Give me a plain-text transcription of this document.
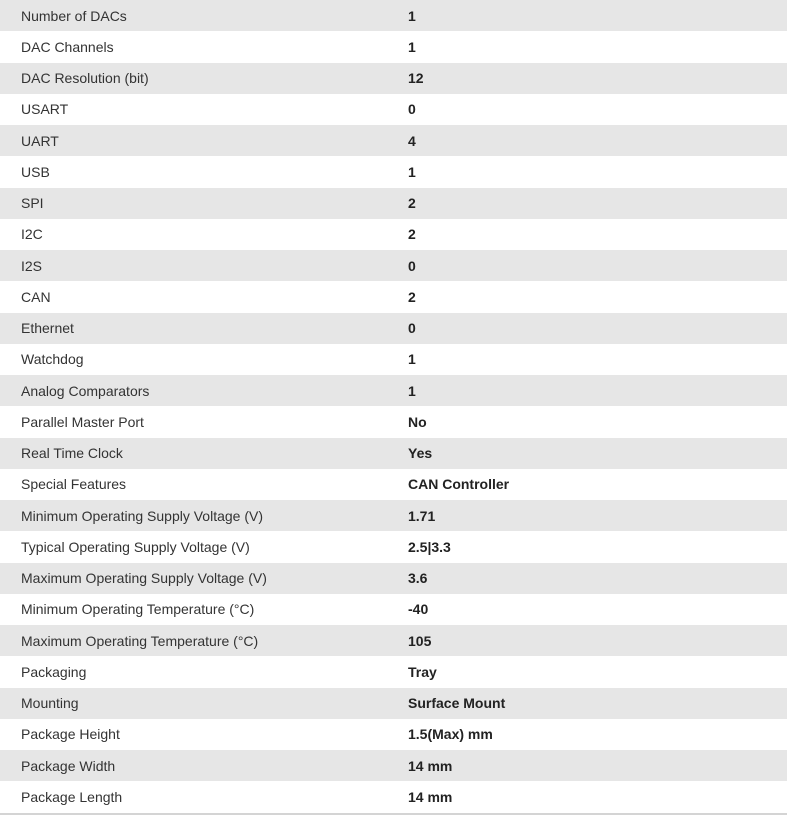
Number of DACs	1
DAC Channels	1
DAC Resolution (bit)	12
USART	0
UART	4
USB	1
SPI	2
I2C	2
I2S	0
CAN	2
Ethernet	0
Watchdog	1
Analog Comparators	1
Parallel Master Port	No
Real Time Clock	Yes
Special Features	CAN Controller
Minimum Operating Supply Voltage (V)	1.71
Typical Operating Supply Voltage (V)	2.5|3.3
Maximum Operating Supply Voltage (V)	3.6
Minimum Operating Temperature (°C)	-40
Maximum Operating Temperature (°C)	105
Packaging	Tray
Mounting	Surface Mount
Package Height	1.5(Max) mm
Package Width	14 mm
Package Length	14 mm
